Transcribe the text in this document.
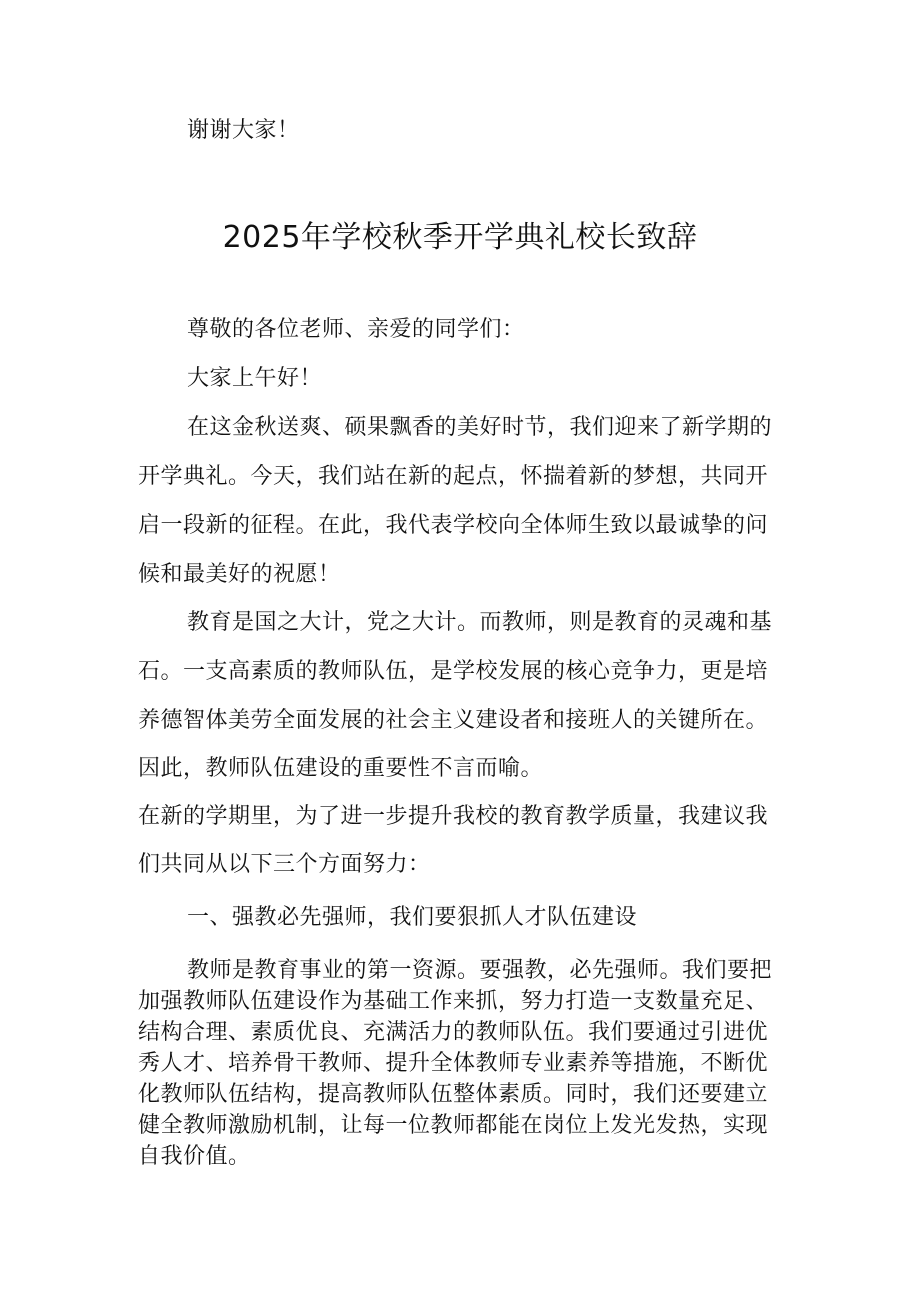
谢谢大家！
2025年学校秋季开学典礼校长致辞
尊敬的各位老师、亲爱的同学们：
大家上午好！
在这金秋送爽、硕果飘香的美好时节，我们迎来了新学期的
开学典礼。今天，我们站在新的起点，怀揣着新的梦想，共同开
启一段新的征程。在此，我代表学校向全体师生致以最诚挚的问
候和最美好的祝愿！
教育是国之大计，党之大计。而教师，则是教育的灵魂和基
石。一支高素质的教师队伍，是学校发展的核心竞争力，更是培
养德智体美劳全面发展的社会主义建设者和接班人的关键所在。
因此，教师队伍建设的重要性不言而喻。
在新的学期里，为了进一步提升我校的教育教学质量，我建议我
们共同从以下三个方面努力：
一、强教必先强师，我们要狠抓人才队伍建设
教师是教育事业的第一资源。要强教，必先强师。我们要把
加强教师队伍建设作为基础工作来抓，努力打造一支数量充足、
结构合理、素质优良、充满活力的教师队伍。我们要通过引进优
秀人才、培养骨干教师、提升全体教师专业素养等措施，不断优
化教师队伍结构，提高教师队伍整体素质。同时，我们还要建立
健全教师激励机制，让每一位教师都能在岗位上发光发热，实现
自我价值。
